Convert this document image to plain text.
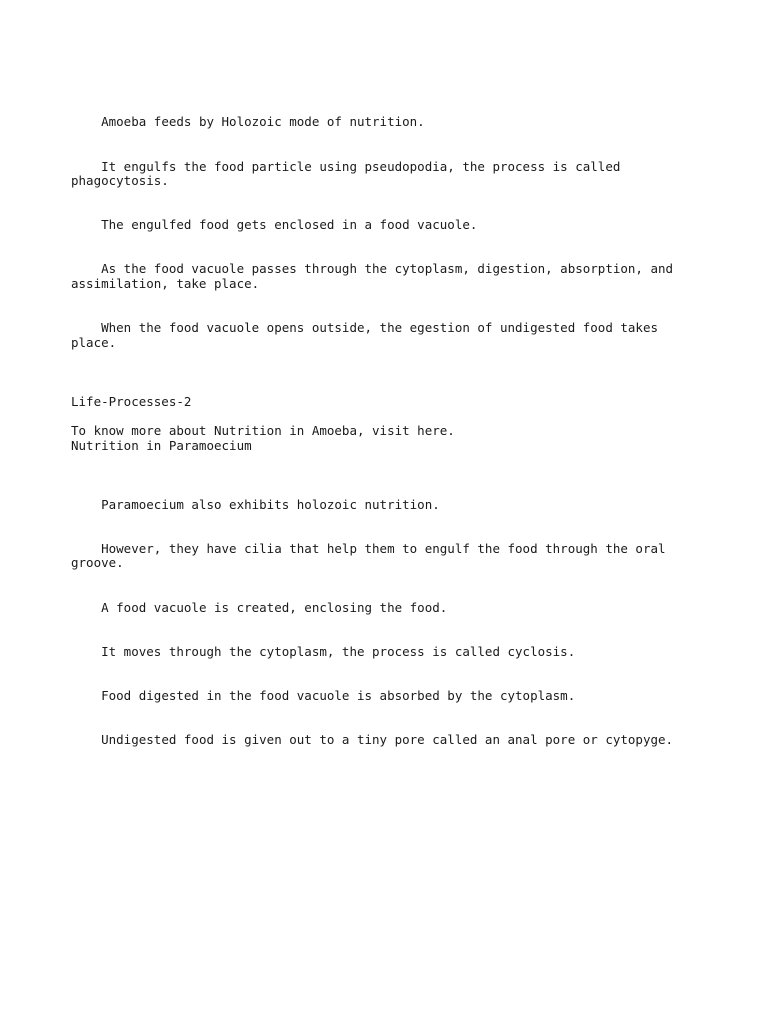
Amoeba feeds by Holozoic mode of nutrition.

It engulfs the food particle using pseudopodia, the process is called phagocytosis.

The engulfed food gets enclosed in a food vacuole.

As the food vacuole passes through the cytoplasm, digestion, absorption, and assimilation, take place.

When the food vacuole opens outside, the egestion of undigested food takes place.

Life-Processes-2
To know more about Nutrition in Amoeba, visit here.
Nutrition in Paramoecium

Paramoecium also exhibits holozoic nutrition.

However, they have cilia that help them to engulf the food through the oral groove.

A food vacuole is created, enclosing the food.

It moves through the cytoplasm, the process is called cyclosis.

Food digested in the food vacuole is absorbed by the cytoplasm.

Undigested food is given out to a tiny pore called an anal pore or cytopyge.
